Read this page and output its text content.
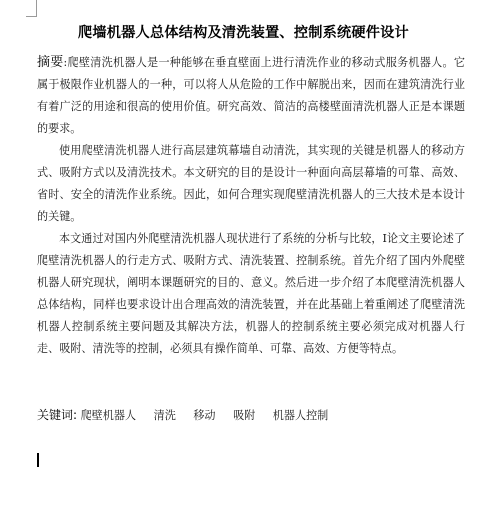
爬墙机器人总体结构及清洗装置、控制系统硬件设计

摘要:爬壁清洗机器人是一种能够在垂直壁面上进行清洗作业的移动式服务机器人。它属于极限作业机器人的一种，可以将人从危险的工作中解脱出来，因而在建筑清洗行业有着广泛的用途和很高的使用价值。研究高效、简洁的高楼壁面清洗机器人正是本课题的要求。

使用爬壁清洗机器人进行高层建筑幕墙自动清洗，其实现的关键是机器人的移动方式、吸附方式以及清洗技术。本文研究的目的是设计一种面向高层幕墙的可靠、高效、省时、安全的清洗作业系统。因此，如何合理实现爬壁清洗机器人的三大技术是本设计的关键。

本文通过对国内外爬壁清洗机器人现状进行了系统的分析与比较，I论文主要论述了爬壁清洗机器人的行走方式、吸附方式、清洗装置、控制系统。首先介绍了国内外爬壁机器人研究现状，阐明本课题研究的目的、意义。然后进一步介绍了本爬壁清洗机器人总体结构，同样也要求设计出合理高效的清洗装置，并在此基础上着重阐述了爬壁清洗机器人控制系统主要问题及其解决方法，机器人的控制系统主要必须完成对机器人行走、吸附、清洗等的控制，必须具有操作简单、可靠、高效、方便等特点。

关键词: 爬壁机器人 清洗 移动 吸附 机器人控制
